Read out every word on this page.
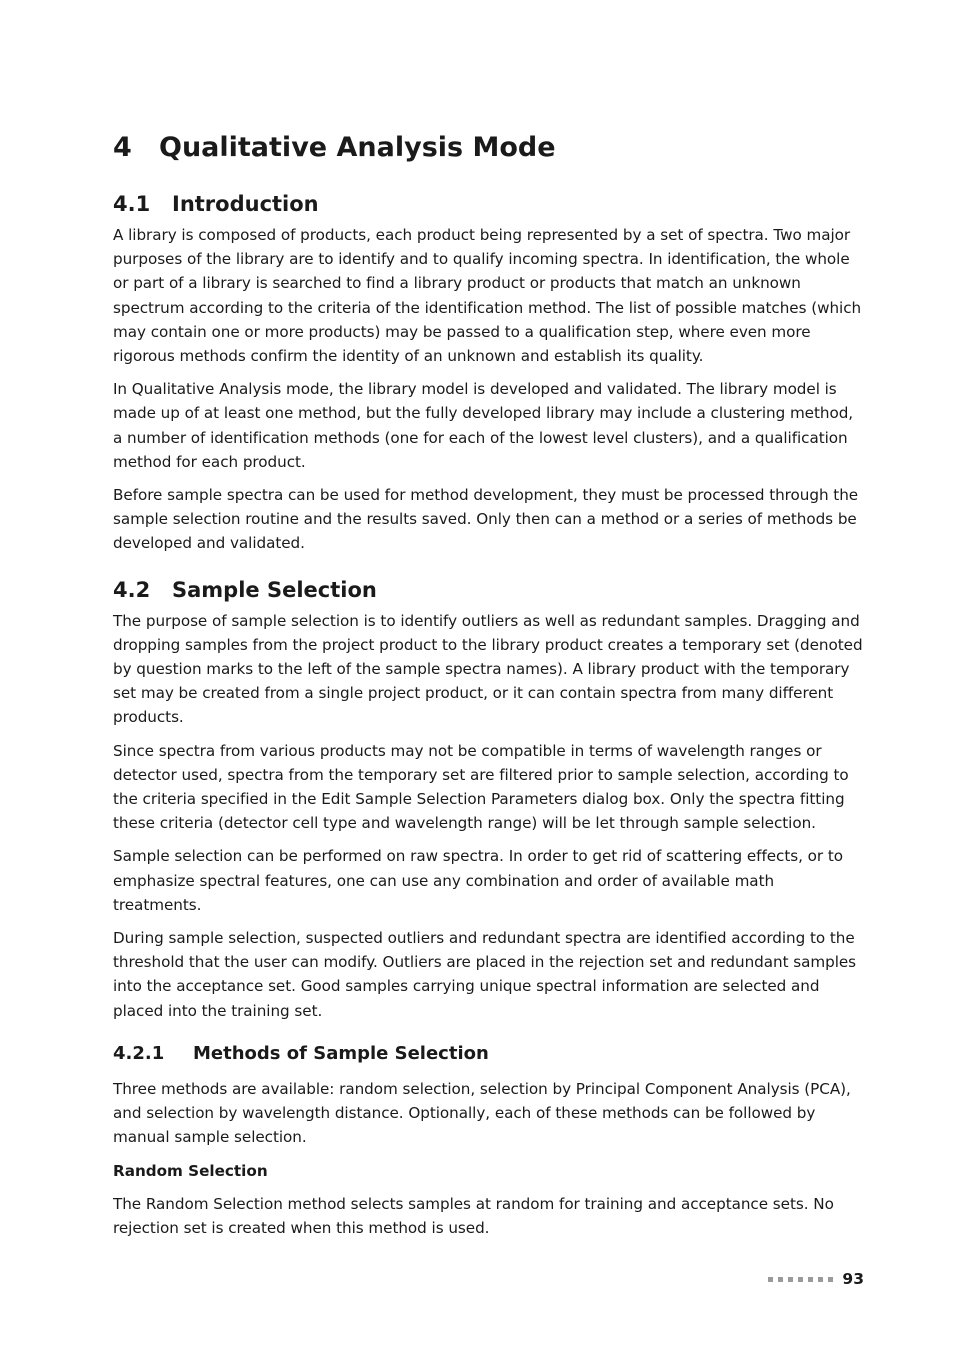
4	Qualitative Analysis Mode
4.1	Introduction

A library is composed of products, each product being represented by a set of spectra. Two major purposes of the library are to identify and to qualify incoming spectra. In identification, the whole or part of a library is searched to find a library product or products that match an unknown spectrum according to the criteria of the identification method. The list of possible matches (which may contain one or more products) may be passed to a qualification step, where even more rigorous methods confirm the identity of an unknown and establish its quality.

In Qualitative Analysis mode, the library model is developed and validated. The library model is made up of at least one method, but the fully developed library may include a clustering method, a number of identification methods (one for each of the lowest level clusters), and a qualification method for each product.

Before sample spectra can be used for method development, they must be processed through the sample selection routine and the results saved. Only then can a method or a series of methods be developed and validated.

4.2	Sample Selection

The purpose of sample selection is to identify outliers as well as redundant samples. Dragging and dropping samples from the project product to the library product creates a temporary set (denoted by question marks to the left of the sample spectra names). A library product with the temporary set may be created from a single project product, or it can contain spectra from many different products.

Since spectra from various products may not be compatible in terms of wavelength ranges or detector used, spectra from the temporary set are filtered prior to sample selection, according to the criteria specified in the Edit Sample Selection Parameters dialog box. Only the spectra fitting these criteria (detector cell type and wavelength range) will be let through sample selection.

Sample selection can be performed on raw spectra. In order to get rid of scattering effects, or to emphasize spectral features, one can use any combination and order of available math treatments.

During sample selection, suspected outliers and redundant spectra are identified according to the threshold that the user can modify. Outliers are placed in the rejection set and redundant samples into the acceptance set. Good samples carrying unique spectral information are selected and placed into the training set.

4.2.1	Methods of Sample Selection

Three methods are available: random selection, selection by Principal Component Analysis (PCA), and selection by wavelength distance. Optionally, each of these methods can be followed by manual sample selection.

Random Selection

The Random Selection method selects samples at random for training and acceptance sets. No rejection set is created when this method is used.

93
